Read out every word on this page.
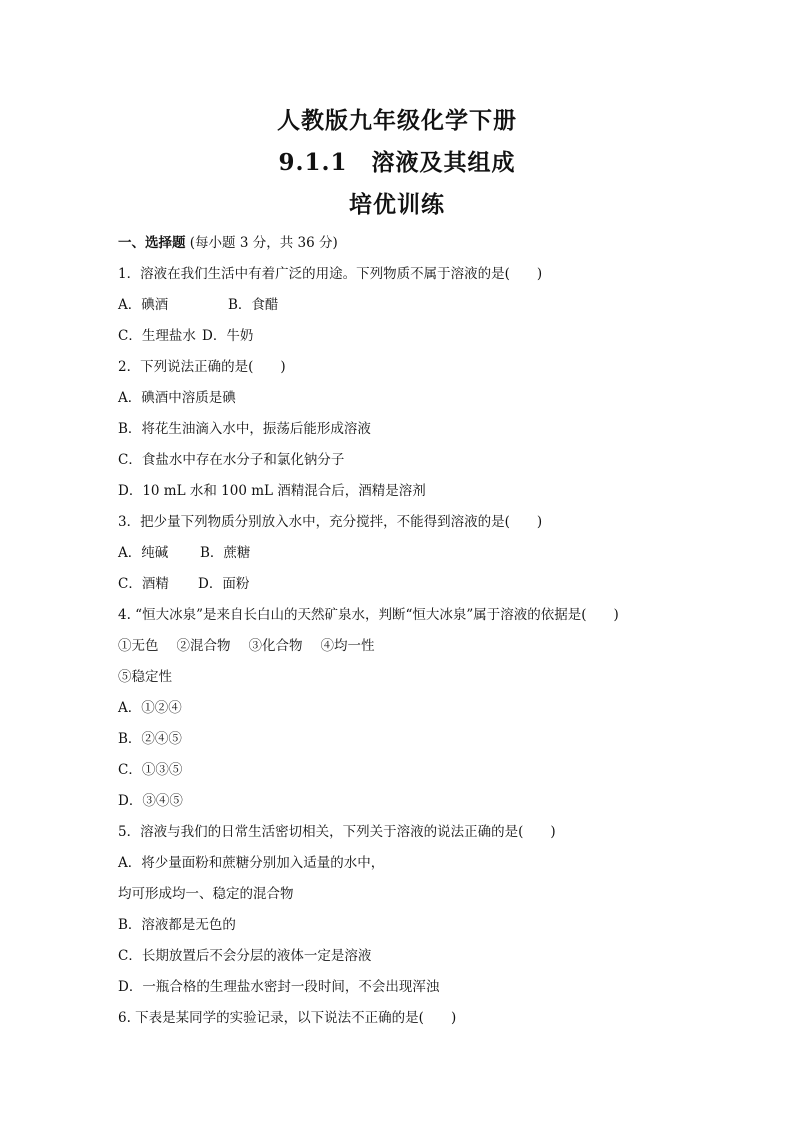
人教版九年级化学下册
9.1.1　溶液及其组成
培优训练
一、选择题 (每小题 3 分，共 36 分)
1．溶液在我们生活中有着广泛的用途。下列物质不属于溶液的是(　　)
A．碘酒	B．食醋
C．生理盐水 D．牛奶
2．下列说法正确的是(　　)
A．碘酒中溶质是碘
B．将花生油滴入水中，振荡后能形成溶液
C．食盐水中存在水分子和氯化钠分子
D．10 mL 水和 100 mL 酒精混合后，酒精是溶剂
3．把少量下列物质分别放入水中，充分搅拌，不能得到溶液的是(　　)
A．纯碱 B．蔗糖
C．酒精 D．面粉
4. “恒大冰泉”是来自长白山的天然矿泉水，判断“恒大冰泉”属于溶液的依据是(　　)
①无色 ②混合物 ③化合物 ④均一性
⑤稳定性
A．①②④
B．②④⑤
C．①③⑤
D．③④⑤
5．溶液与我们的日常生活密切相关，下列关于溶液的说法正确的是(　　)
A．将少量面粉和蔗糖分别加入适量的水中，
均可形成均一、稳定的混合物
B．溶液都是无色的
C．长期放置后不会分层的液体一定是溶液
D．一瓶合格的生理盐水密封一段时间，不会出现浑浊
6. 下表是某同学的实验记录，以下说法不正确的是(　　)
